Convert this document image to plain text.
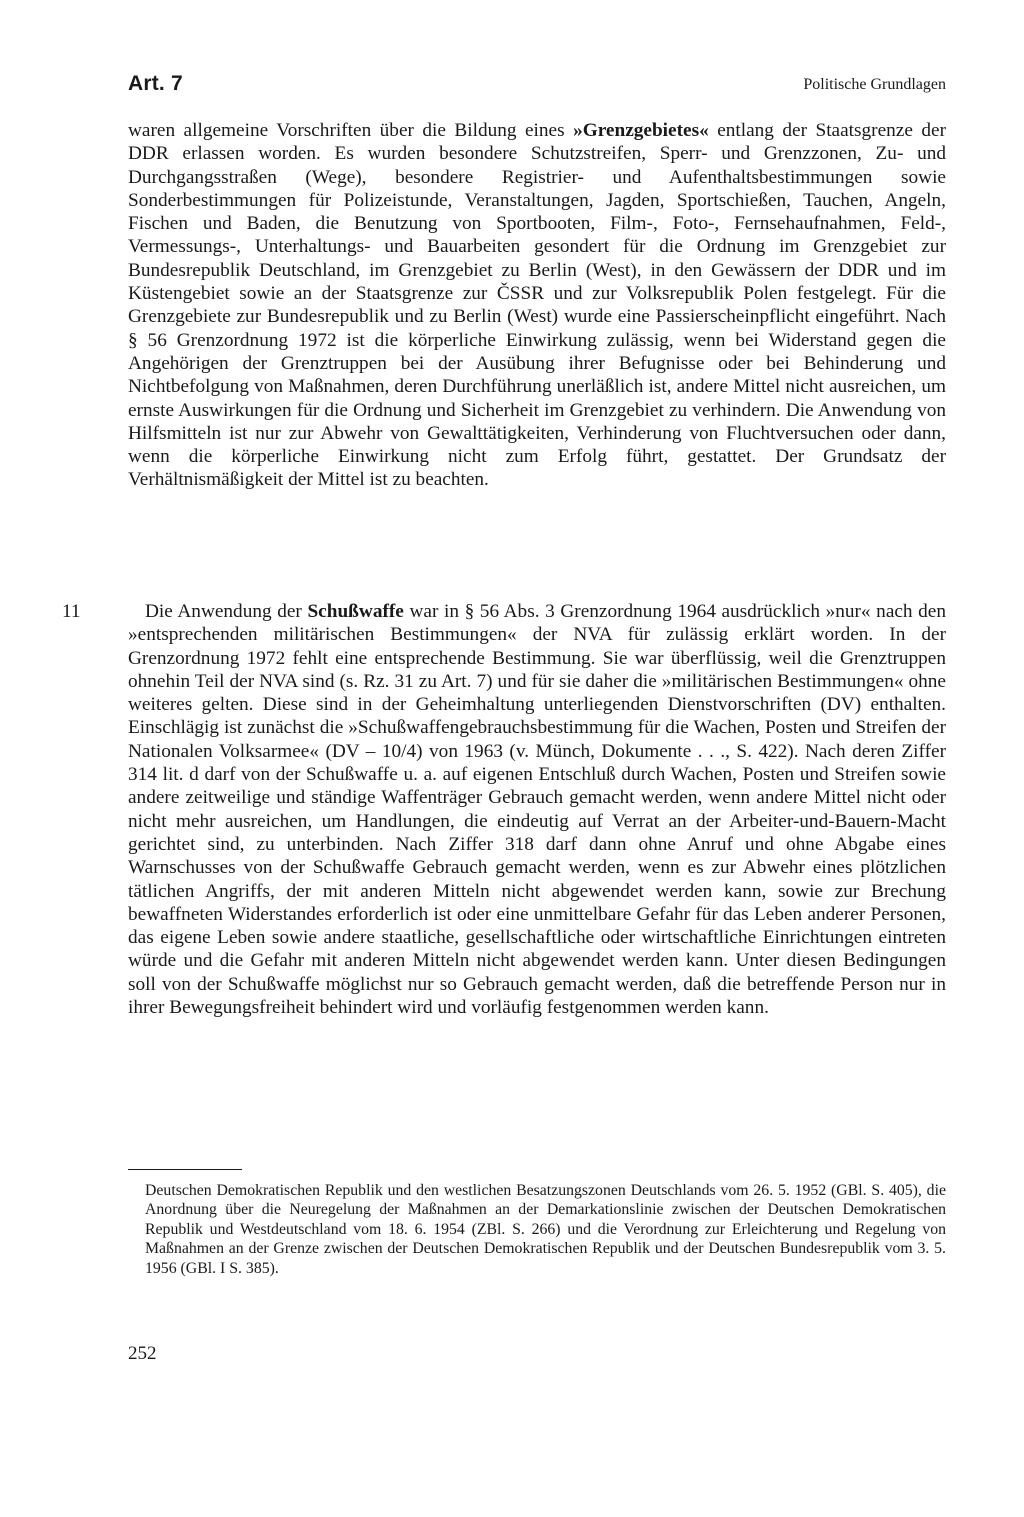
Art. 7	Politische Grundlagen

waren allgemeine Vorschriften über die Bildung eines »Grenzgebietes« entlang der Staatsgrenze der DDR erlassen worden. Es wurden besondere Schutzstreifen, Sperr- und Grenzzonen, Zu- und Durchgangsstraßen (Wege), besondere Registrier- und Aufenthaltsbestimmungen sowie Sonderbestimmungen für Polizeistunde, Veranstaltungen, Jagden, Sportschießen, Tauchen, Angeln, Fischen und Baden, die Benutzung von Sportbooten, Film-, Foto-, Fernsehaufnahmen, Feld-, Vermessungs-, Unterhaltungs- und Bauarbeiten gesondert für die Ordnung im Grenzgebiet zur Bundesrepublik Deutschland, im Grenzgebiet zu Berlin (West), in den Gewässern der DDR und im Küstengebiet sowie an der Staatsgrenze zur ČSSR und zur Volksrepublik Polen festgelegt. Für die Grenzgebiete zur Bundesrepublik und zu Berlin (West) wurde eine Passierscheinpflicht eingeführt. Nach § 56 Grenzordnung 1972 ist die körperliche Einwirkung zulässig, wenn bei Widerstand gegen die Angehörigen der Grenztruppen bei der Ausübung ihrer Befugnisse oder bei Behinderung und Nichtbefolgung von Maßnahmen, deren Durchführung unerläßlich ist, andere Mittel nicht ausreichen, um ernste Auswirkungen für die Ordnung und Sicherheit im Grenzgebiet zu verhindern. Die Anwendung von Hilfsmitteln ist nur zur Abwehr von Gewalttätigkeiten, Verhinderung von Fluchtversuchen oder dann, wenn die körperliche Einwirkung nicht zum Erfolg führt, gestattet. Der Grundsatz der Verhältnismäßigkeit der Mittel ist zu beachten.

11	Die Anwendung der Schußwaffe war in § 56 Abs. 3 Grenzordnung 1964 ausdrücklich »nur« nach den »entsprechenden militärischen Bestimmungen« der NVA für zulässig erklärt worden. In der Grenzordnung 1972 fehlt eine entsprechende Bestimmung. Sie war überflüssig, weil die Grenztruppen ohnehin Teil der NVA sind (s. Rz. 31 zu Art. 7) und für sie daher die »militärischen Bestimmungen« ohne weiteres gelten. Diese sind in der Geheimhaltung unterliegenden Dienstvorschriften (DV) enthalten. Einschlägig ist zunächst die »Schußwaffengebrauchsbestimmung für die Wachen, Posten und Streifen der Nationalen Volksarmee« (DV – 10/4) von 1963 (v. Münch, Dokumente . . ., S. 422). Nach deren Ziffer 314 lit. d darf von der Schußwaffe u. a. auf eigenen Entschluß durch Wachen, Posten und Streifen sowie andere zeitweilige und ständige Waffenträger Gebrauch gemacht werden, wenn andere Mittel nicht oder nicht mehr ausreichen, um Handlungen, die eindeutig auf Verrat an der Arbeiter-und-Bauern-Macht gerichtet sind, zu unterbinden. Nach Ziffer 318 darf dann ohne Anruf und ohne Abgabe eines Warnschusses von der Schußwaffe Gebrauch gemacht werden, wenn es zur Abwehr eines plötzlichen tätlichen Angriffs, der mit anderen Mitteln nicht abgewendet werden kann, sowie zur Brechung bewaffneten Widerstandes erforderlich ist oder eine unmittelbare Gefahr für das Leben anderer Personen, das eigene Leben sowie andere staatliche, gesellschaftliche oder wirtschaftliche Einrichtungen eintreten würde und die Gefahr mit anderen Mitteln nicht abgewendet werden kann. Unter diesen Bedingungen soll von der Schußwaffe möglichst nur so Gebrauch gemacht werden, daß die betreffende Person nur in ihrer Bewegungsfreiheit behindert wird und vorläufig festgenommen werden kann.

Deutschen Demokratischen Republik und den westlichen Besatzungszonen Deutschlands vom 26. 5. 1952 (GBl. S. 405), die Anordnung über die Neuregelung der Maßnahmen an der Demarkationslinie zwischen der Deutschen Demokratischen Republik und Westdeutschland vom 18. 6. 1954 (ZBl. S. 266) und die Verordnung zur Erleichterung und Regelung von Maßnahmen an der Grenze zwischen der Deutschen Demokratischen Republik und der Deutschen Bundesrepublik vom 3. 5. 1956 (GBl. I S. 385).

252
